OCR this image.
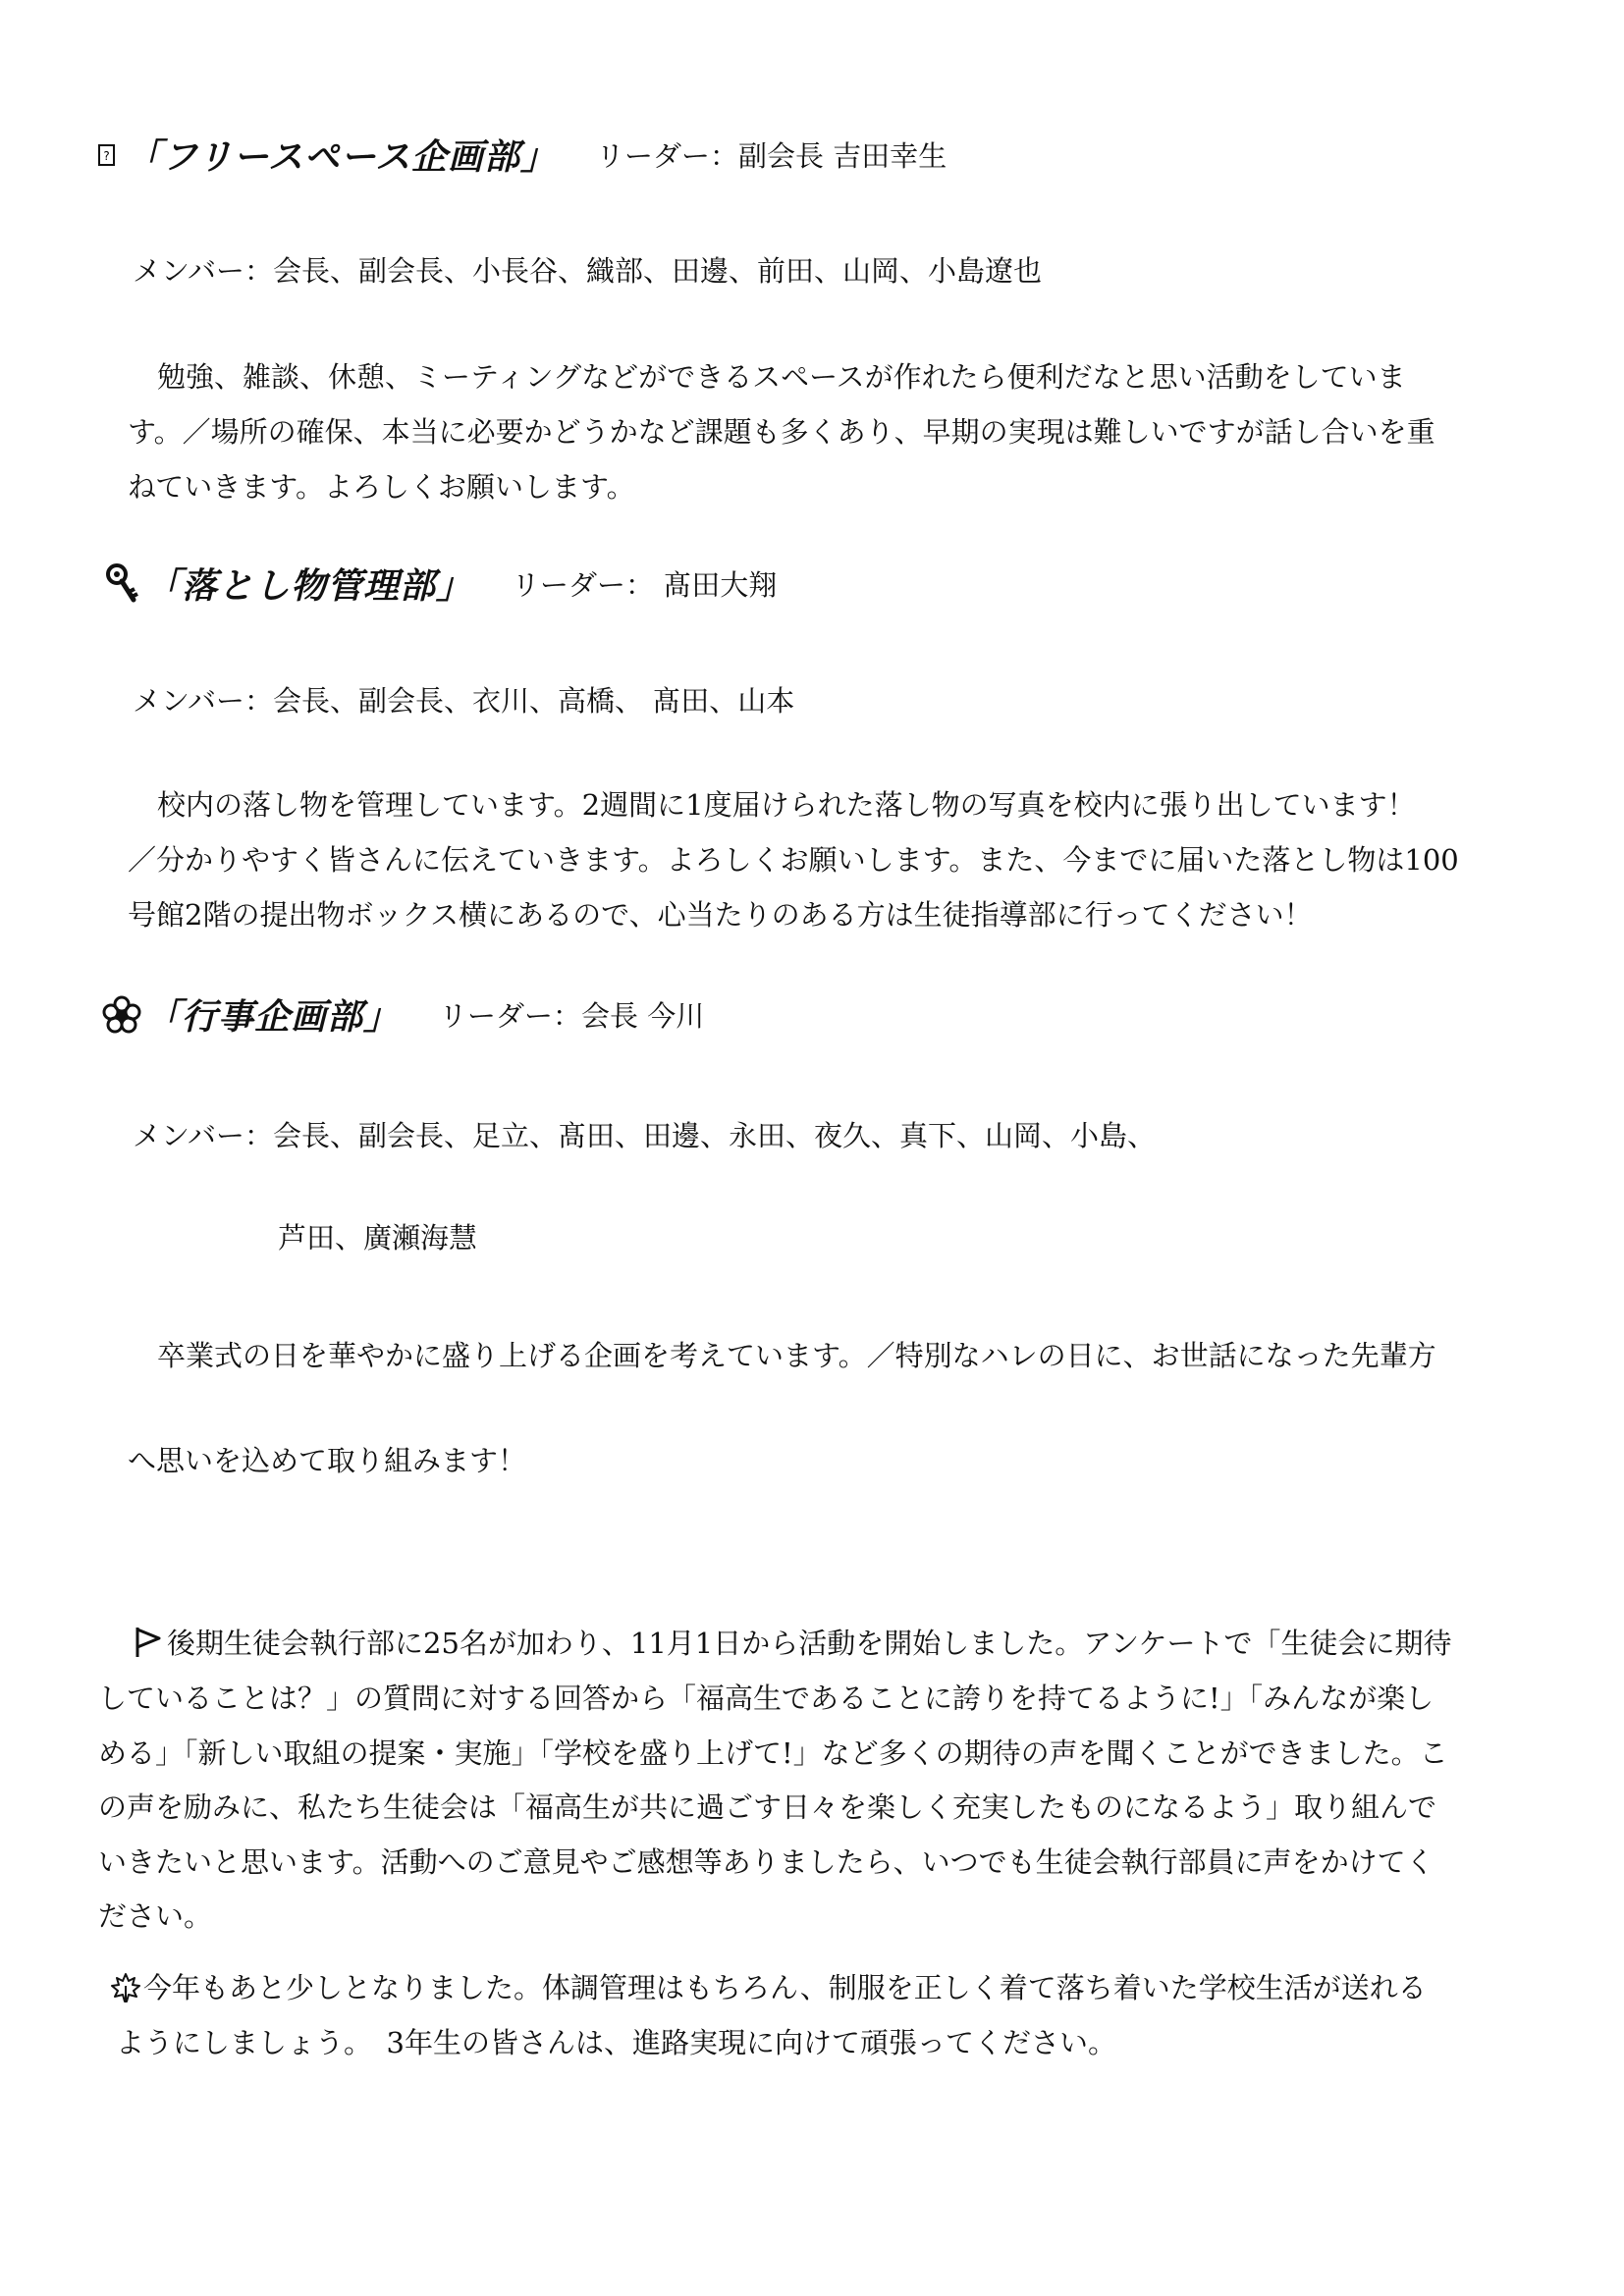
? 「フリースペース企画部」 リーダー：副会長 吉田幸生
メンバー：会長、副会長、小長谷、織部、田邊、前田、山岡、小島遼也
勉強、雑談、休憩、ミーティングなどができるスペースが作れたら便利だなと思い活動をしていま
す。／場所の確保、本当に必要かどうかなど課題も多くあり、早期の実現は難しいですが話し合いを重
ねていきます。よろしくお願いします。
「落とし物管理部」 リーダー： 髙田大翔
メンバー：会長、副会長、衣川、高橋、 髙田、山本
校内の落し物を管理しています。2週間に1度届けられた落し物の写真を校内に張り出しています！
／分かりやすく皆さんに伝えていきます。よろしくお願いします。また、今までに届いた落とし物は100
号館2階の提出物ボックス横にあるので、心当たりのある方は生徒指導部に行ってください！
「行事企画部」 リーダー：会長 今川
メンバー：会長、副会長、足立、髙田、田邊、永田、夜久、真下、山岡、小島、
芦田、廣瀬海慧
卒業式の日を華やかに盛り上げる企画を考えています。／特別なハレの日に、お世話になった先輩方
へ思いを込めて取り組みます！
後期生徒会執行部に25名が加わり、11月1日から活動を開始しました。アンケートで「生徒会に期待
していることは？」の質問に対する回答から「福高生であることに誇りを持てるように!」「みんなが楽し
める」「新しい取組の提案・実施」「学校を盛り上げて!」など多くの期待の声を聞くことができました。こ
の声を励みに、私たち生徒会は「福高生が共に過ごす日々を楽しく充実したものになるよう」取り組んで
いきたいと思います。活動へのご意見やご感想等ありましたら、いつでも生徒会執行部員に声をかけてく
ださい。
今年もあと少しとなりました。体調管理はもちろん、制服を正しく着て落ち着いた学校生活が送れる
ようにしましょう。　3年生の皆さんは、進路実現に向けて頑張ってください。
